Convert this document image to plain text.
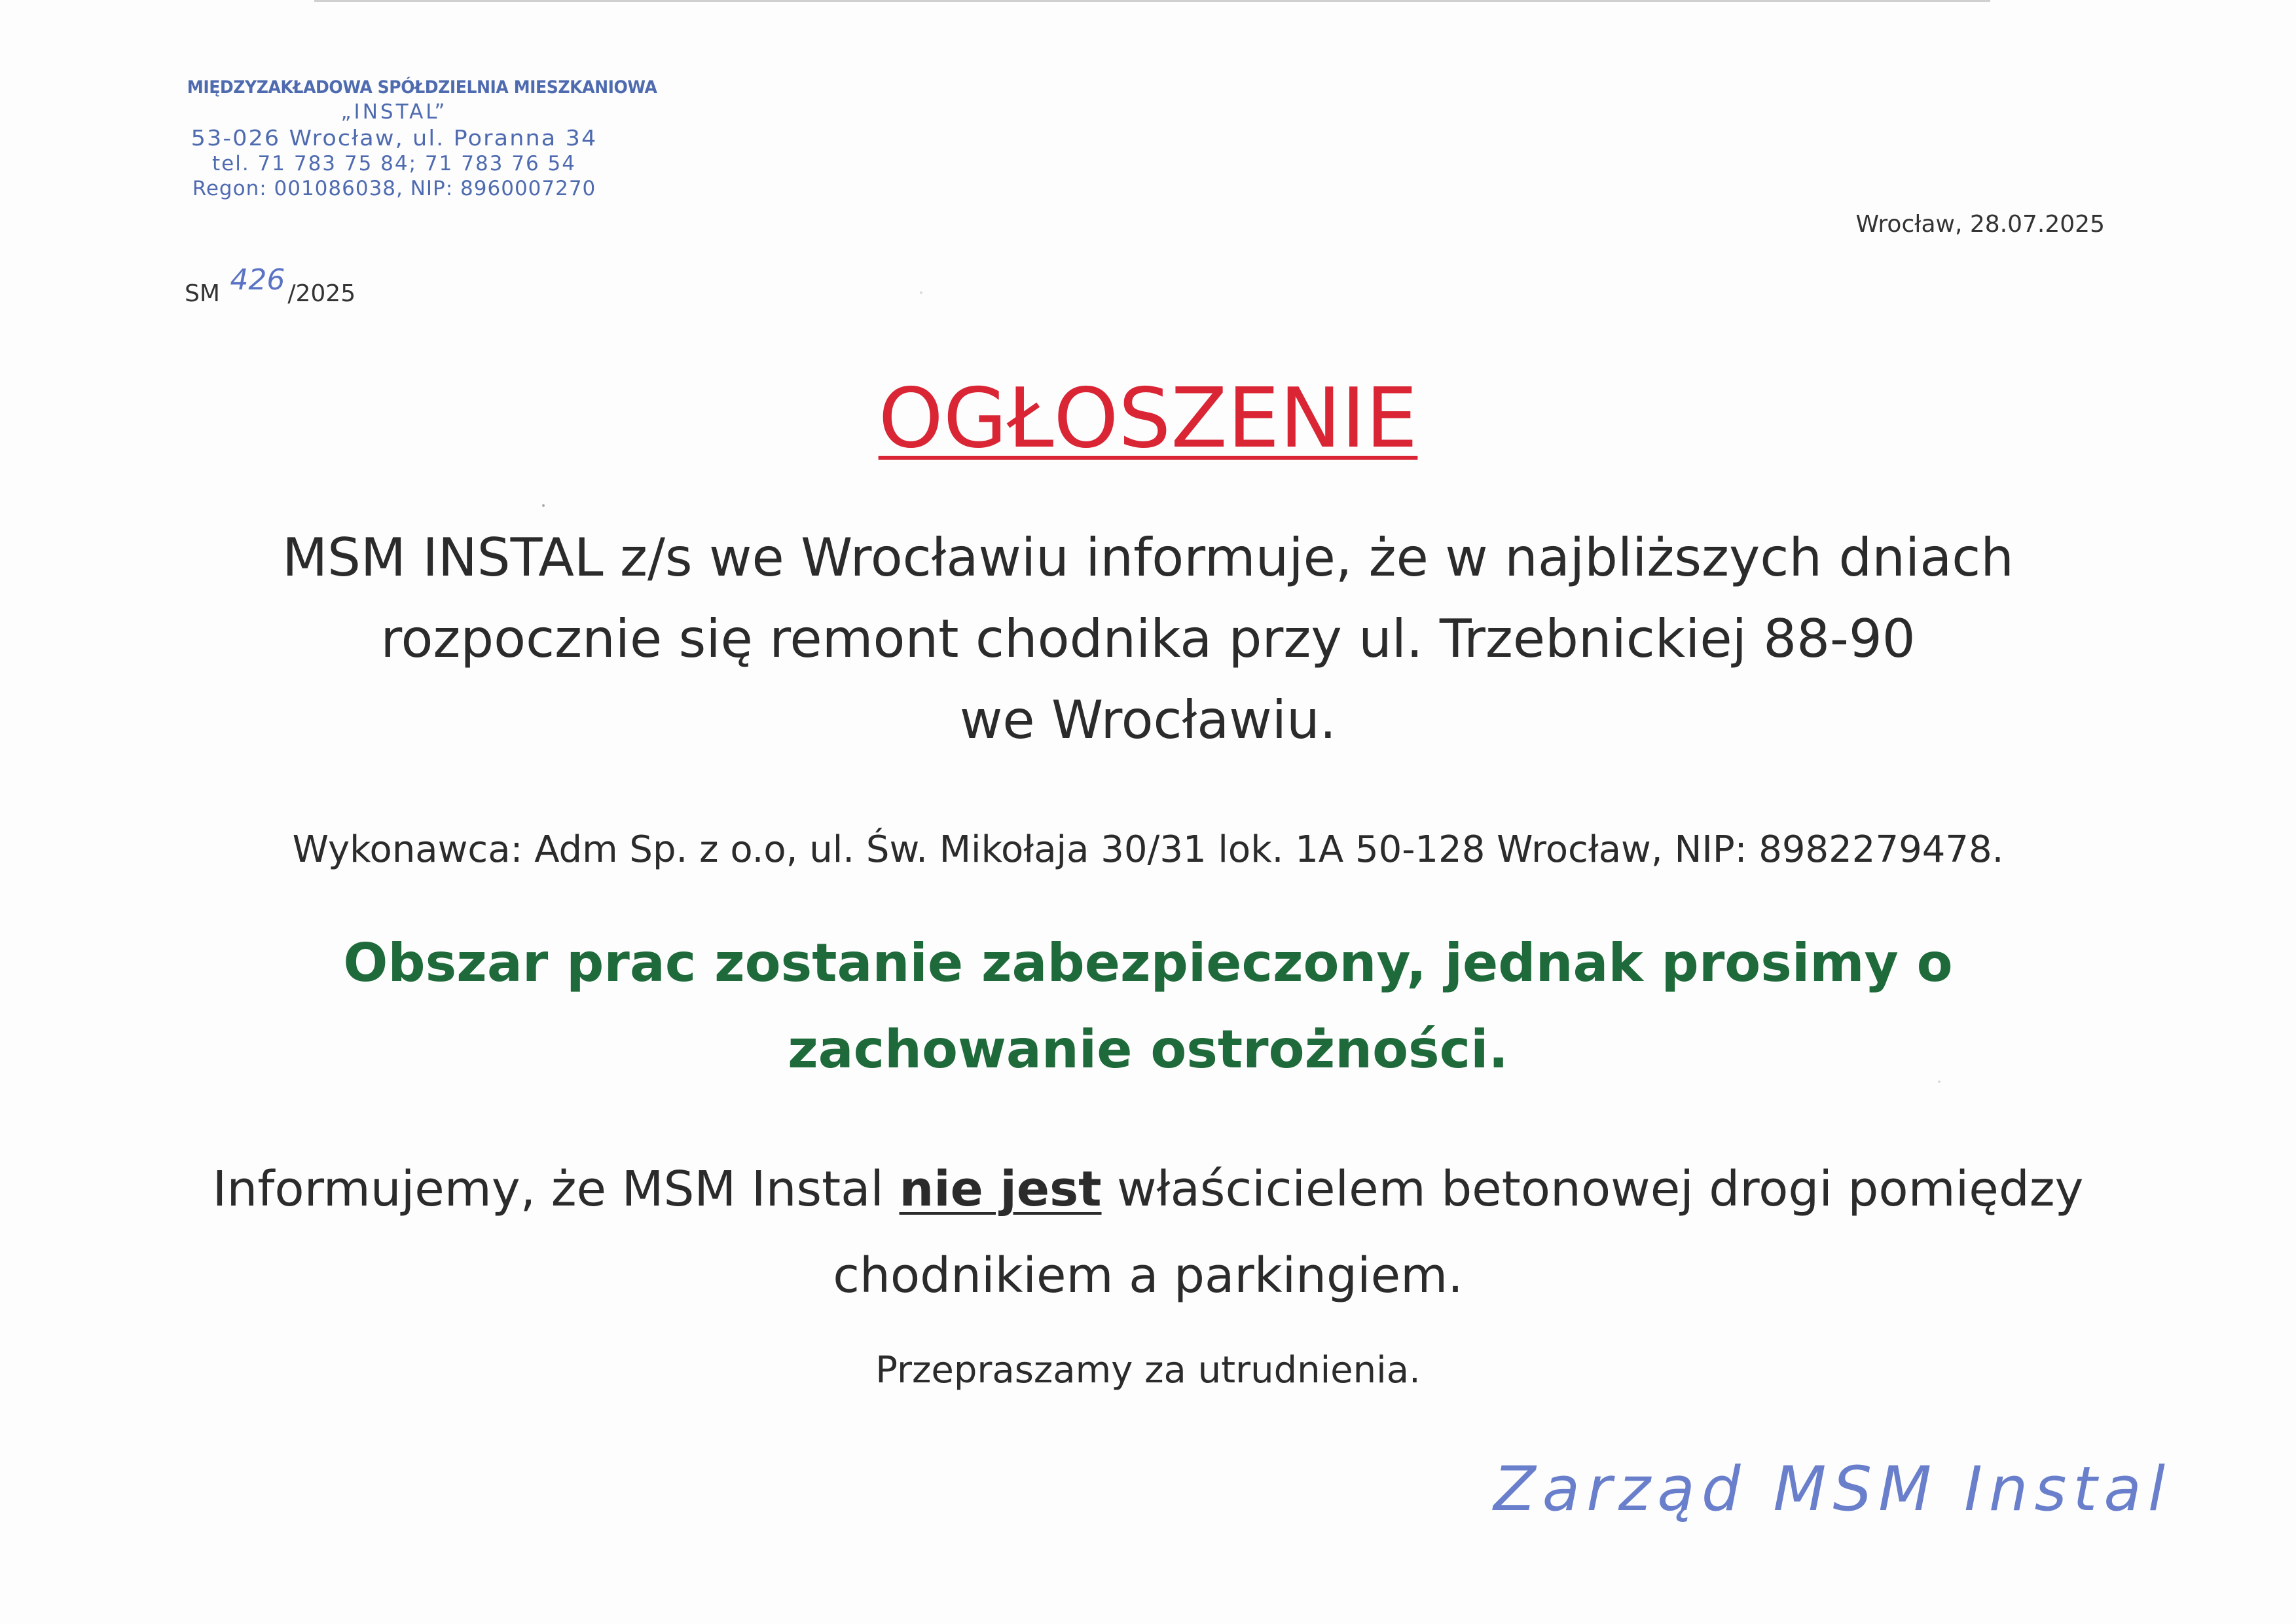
MIĘDZYZAKŁADOWA SPÓŁDZIELNIA MIESZKANIOWA
„INSTAL”
53-026 Wrocław, ul. Poranna 34
tel. 71 783 75 84; 71 783 76 54
Regon: 001086038, NIP: 8960007270
Wrocław, 28.07.2025
SM 426 /2025
OGŁOSZENIE
MSM INSTAL z/s we Wrocławiu informuje, że w najbliższych dniach
rozpocznie się remont chodnika przy ul. Trzebnickiej 88-90
we Wrocławiu.
Wykonawca: Adm Sp. z o.o, ul. Św. Mikołaja 30/31 lok. 1A 50-128 Wrocław, NIP: 8982279478.
Obszar prac zostanie zabezpieczony, jednak prosimy o
zachowanie ostrożności.
Informujemy, że MSM Instal nie jest właścicielem betonowej drogi pomiędzy
chodnikiem a parkingiem.
Przepraszamy za utrudnienia.
Zarząd MSM Instal
